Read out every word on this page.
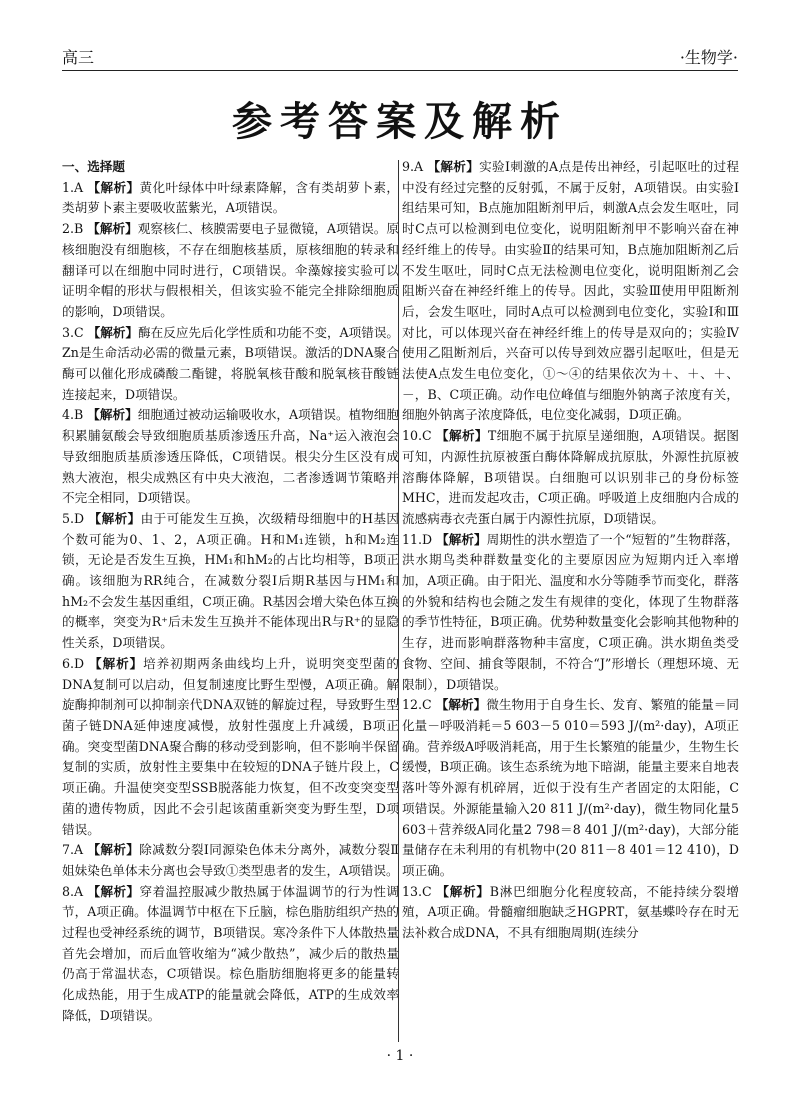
高三	·生物学·
参考答案及解析
一、选择题

1.A 【解析】黄化叶绿体中叶绿素降解，含有类胡萝卜素，类胡萝卜素主要吸收蓝紫光，A项错误。

2.B 【解析】观察核仁、核膜需要电子显微镜，A项错误。原核细胞没有细胞核，不存在细胞核基质，原核细胞的转录和翻译可以在细胞中同时进行，C项错误。伞藻嫁接实验可以证明伞帽的形状与假根相关，但该实验不能完全排除细胞质的影响，D项错误。

3.C 【解析】酶在反应先后化学性质和功能不变，A项错误。Zn是生命活动必需的微量元素，B项错误。激活的DNA聚合酶可以催化形成磷酸二酯键，将脱氧核苷酸和脱氧核苷酸链连接起来，D项错误。

4.B 【解析】细胞通过被动运输吸收水，A项错误。植物细胞积累脯氨酸会导致细胞质基质渗透压升高，Na⁺运入液泡会导致细胞质基质渗透压降低，C项错误。根尖分生区没有成熟大液泡，根尖成熟区有中央大液泡，二者渗透调节策略并不完全相同，D项错误。

5.D 【解析】由于可能发生互换，次级精母细胞中的H基因个数可能为0、1、2，A项正确。H和M₁连锁，h和M₂连锁，无论是否发生互换，HM₁和hM₂的占比均相等，B项正确。该细胞为RR纯合，在减数分裂Ⅰ后期R基因与HM₁和hM₂不会发生基因重组，C项正确。R基因会增大染色体互换的概率，突变为R⁺后未发生互换并不能体现出R与R⁺的显隐性关系，D项错误。

6.D 【解析】培养初期两条曲线均上升，说明突变型菌的DNA复制可以启动，但复制速度比野生型慢，A项正确。解旋酶抑制剂可以抑制亲代DNA双链的解旋过程，导致野生型菌子链DNA延伸速度减慢，放射性强度上升减缓，B项正确。突变型菌DNA聚合酶的移动受到影响，但不影响半保留复制的实质，放射性主要集中在较短的DNA子链片段上，C项正确。升温使突变型SSB脱落能力恢复，但不改变突变型菌的遗传物质，因此不会引起该菌重新突变为野生型，D项错误。

7.A 【解析】除减数分裂Ⅰ同源染色体未分离外，减数分裂Ⅱ姐妹染色单体未分离也会导致①类型患者的发生，A项错误。

8.A 【解析】穿着温控服减少散热属于体温调节的行为性调节，A项正确。体温调节中枢在下丘脑，棕色脂肪组织产热的过程也受神经系统的调节，B项错误。寒冷条件下人体散热量首先会增加，而后血管收缩为“减少散热”，减少后的散热量仍高于常温状态，C项错误。棕色脂肪细胞将更多的能量转化成热能，用于生成ATP的能量就会降低，ATP的生成效率降低，D项错误。

9.A 【解析】实验Ⅰ刺激的A点是传出神经，引起呕吐的过程中没有经过完整的反射弧，不属于反射，A项错误。由实验Ⅰ组结果可知，B点施加阻断剂甲后，刺激A点会发生呕吐，同时C点可以检测到电位变化，说明阻断剂甲不影响兴奋在神经纤维上的传导。由实验Ⅱ的结果可知，B点施加阻断剂乙后不发生呕吐，同时C点无法检测电位变化，说明阻断剂乙会阻断兴奋在神经纤维上的传导。因此，实验Ⅲ使用甲阻断剂后，会发生呕吐，同时A点可以检测到电位变化，实验Ⅰ和Ⅲ对比，可以体现兴奋在神经纤维上的传导是双向的；实验Ⅳ使用乙阻断剂后，兴奋可以传导到效应器引起呕吐，但是无法使A点发生电位变化，①～④的结果依次为＋、＋、＋、－，B、C项正确。动作电位峰值与细胞外钠离子浓度有关，细胞外钠离子浓度降低，电位变化减弱，D项正确。

10.C 【解析】T细胞不属于抗原呈递细胞，A项错误。据图可知，内源性抗原被蛋白酶体降解成抗原肽，外源性抗原被溶酶体降解，B项错误。白细胞可以识别非己的身份标签MHC，进而发起攻击，C项正确。呼吸道上皮细胞内合成的流感病毒衣壳蛋白属于内源性抗原，D项错误。

11.D 【解析】周期性的洪水塑造了一个“短暂的”生物群落，洪水期鸟类种群数量变化的主要原因应为短期内迁入率增加，A项正确。由于阳光、温度和水分等随季节而变化，群落的外貌和结构也会随之发生有规律的变化，体现了生物群落的季节性特征，B项正确。优势种数量变化会影响其他物种的生存，进而影响群落物种丰富度，C项正确。洪水期鱼类受食物、空间、捕食等限制，不符合“J”形增长（理想环境、无限制），D项错误。

12.C 【解析】微生物用于自身生长、发育、繁殖的能量＝同化量－呼吸消耗＝5 603－5 010＝593 J/(m²·day)，A项正确。营养级A呼吸消耗高，用于生长繁殖的能量少，生物生长缓慢，B项正确。该生态系统为地下暗湖，能量主要来自地表落叶等外源有机碎屑，近似于没有生产者固定的太阳能，C项错误。外源能量输入20 811 J/(m²·day)，微生物同化量5 603＋营养级A同化量2 798＝8 401 J/(m²·day)，大部分能量储存在未利用的有机物中(20 811－8 401＝12 410)，D项正确。

13.C 【解析】B淋巴细胞分化程度较高，不能持续分裂增殖，A项正确。骨髓瘤细胞缺乏HGPRT，氨基蝶呤存在时无法补救合成DNA，不具有细胞周期(连续分

· 1 ·
